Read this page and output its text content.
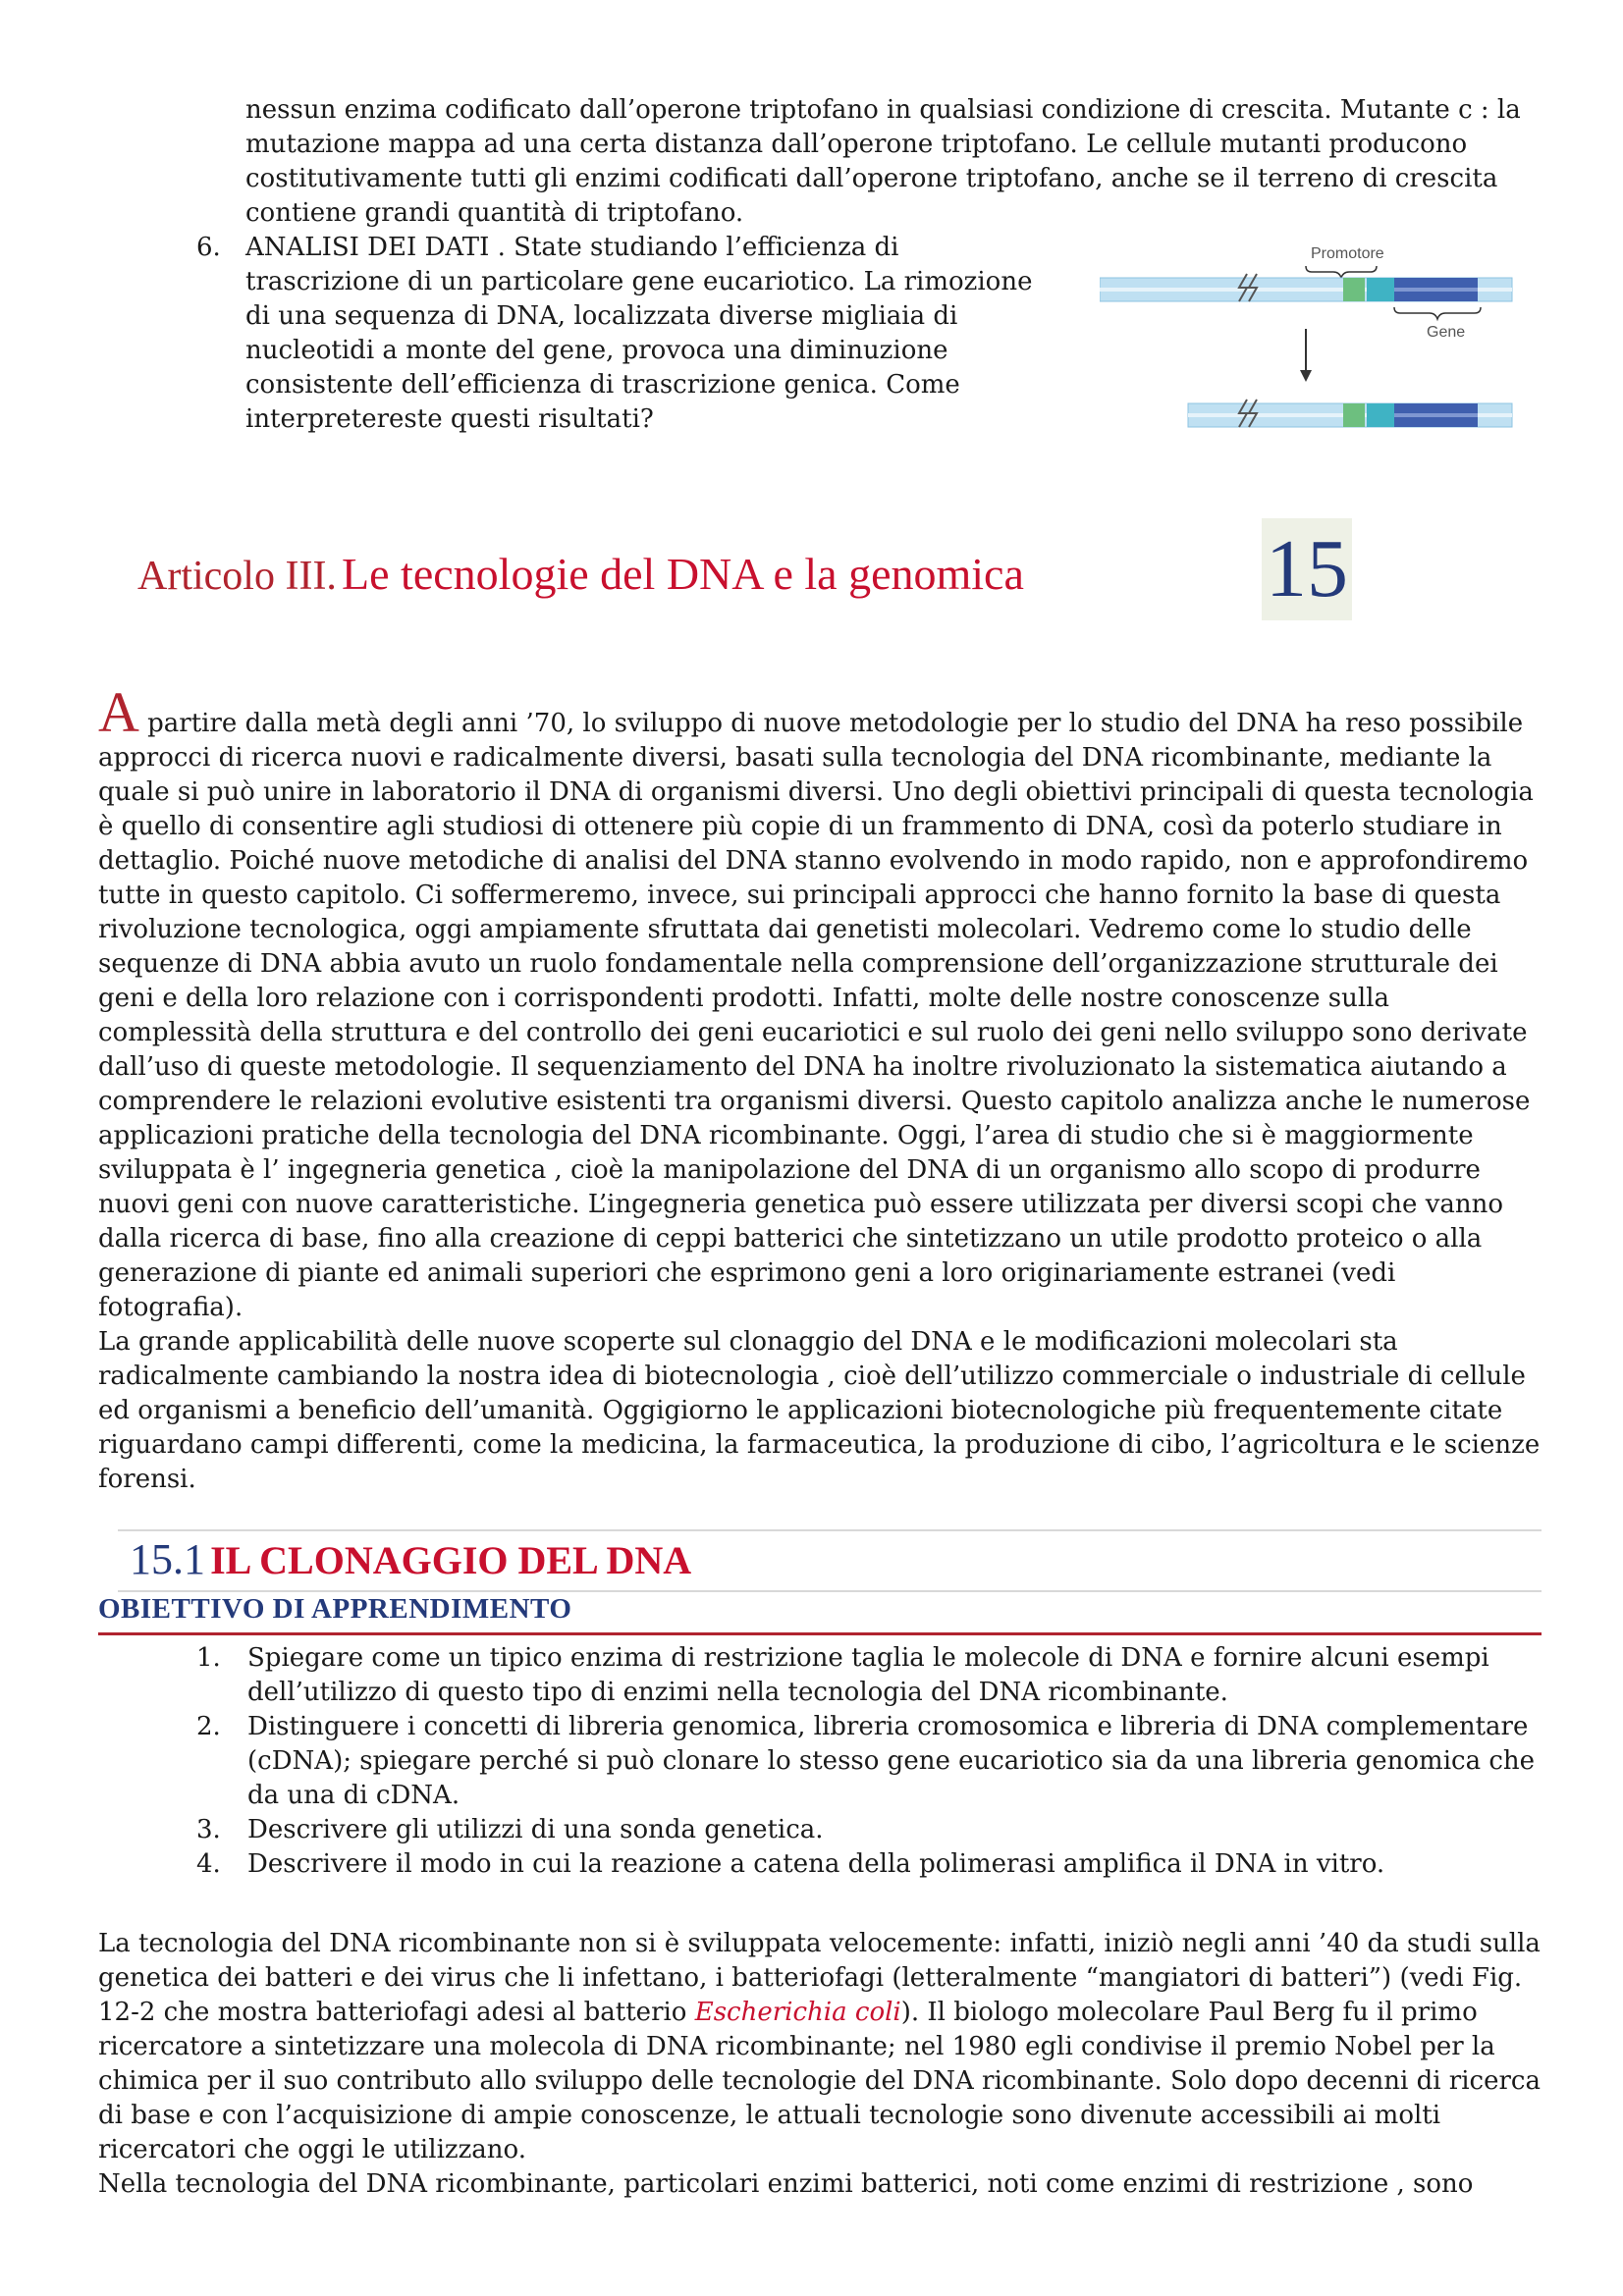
nessun enzima codificato dall’operone triptofano in qualsiasi condizione di crescita. Mutante c : la mutazione mappa ad una certa distanza dall’operone triptofano. Le cellule mutanti producono costitutivamente tutti gli enzimi codificati dall’operone triptofano, anche se il terreno di crescita contiene grandi quantità di triptofano.
6. ANALISI DEI DATI . State studiando l’efficienza di trascrizione di un particolare gene eucariotico. La rimozione di una sequenza di DNA, localizzata diverse migliaia di nucleotidi a monte del gene, provoca una diminuzione consistente dell’efficienza di trascrizione genica. Come interpretereste questi risultati?
Promotore
Gene
Articolo III. Le tecnologie del DNA e la genomica	15
A partire dalla metà degli anni ’70, lo sviluppo di nuove metodologie per lo studio del DNA ha reso possibile approcci di ricerca nuovi e radicalmente diversi, basati sulla tecnologia del DNA ricombinante, mediante la quale si può unire in laboratorio il DNA di organismi diversi. Uno degli obiettivi principali di questa tecnologia è quello di consentire agli studiosi di ottenere più copie di un frammento di DNA, così da poterlo studiare in dettaglio. Poiché nuove metodiche di analisi del DNA stanno evolvendo in modo rapido, non e approfondiremo tutte in questo capitolo. Ci soffermeremo, invece, sui principali approcci che hanno fornito la base di questa rivoluzione tecnologica, oggi ampiamente sfruttata dai genetisti molecolari. Vedremo come lo studio delle sequenze di DNA abbia avuto un ruolo fondamentale nella comprensione dell’organizzazione strutturale dei geni e della loro relazione con i corrispondenti prodotti. Infatti, molte delle nostre conoscenze sulla complessità della struttura e del controllo dei geni eucariotici e sul ruolo dei geni nello sviluppo sono derivate dall’uso di queste metodologie. Il sequenziamento del DNA ha inoltre rivoluzionato la sistematica aiutando a comprendere le relazioni evolutive esistenti tra organismi diversi. Questo capitolo analizza anche le numerose applicazioni pratiche della tecnologia del DNA ricombinante. Oggi, l’area di studio che si è maggiormente sviluppata è l’ ingegneria genetica , cioè la manipolazione del DNA di un organismo allo scopo di produrre nuovi geni con nuove caratteristiche. L’ingegneria genetica può essere utilizzata per diversi scopi che vanno dalla ricerca di base, fino alla creazione di ceppi batterici che sintetizzano un utile prodotto proteico o alla generazione di piante ed animali superiori che esprimono geni a loro originariamente estranei (vedi fotografia).
La grande applicabilità delle nuove scoperte sul clonaggio del DNA e le modificazioni molecolari sta radicalmente cambiando la nostra idea di biotecnologia , cioè dell’utilizzo commerciale o industriale di cellule ed organismi a beneficio dell’umanità. Oggigiorno le applicazioni biotecnologiche più frequentemente citate riguardano campi differenti, come la medicina, la farmaceutica, la produzione di cibo, l’agricoltura e le scienze forensi.
15.1 IL CLONAGGIO DEL DNA
OBIETTIVO DI APPRENDIMENTO
1. Spiegare come un tipico enzima di restrizione taglia le molecole di DNA e fornire alcuni esempi dell’utilizzo di questo tipo di enzimi nella tecnologia del DNA ricombinante.
2. Distinguere i concetti di libreria genomica, libreria cromosomica e libreria di DNA complementare (cDNA); spiegare perché si può clonare lo stesso gene eucariotico sia da una libreria genomica che da una di cDNA.
3. Descrivere gli utilizzi di una sonda genetica.
4. Descrivere il modo in cui la reazione a catena della polimerasi amplifica il DNA in vitro.
La tecnologia del DNA ricombinante non si è sviluppata velocemente: infatti, iniziò negli anni ’40 da studi sulla genetica dei batteri e dei virus che li infettano, i batteriofagi (letteralmente “mangiatori di batteri”) (vedi Fig. 12-2 che mostra batteriofagi adesi al batterio Escherichia coli). Il biologo molecolare Paul Berg fu il primo ricercatore a sintetizzare una molecola di DNA ricombinante; nel 1980 egli condivise il premio Nobel per la chimica per il suo contributo allo sviluppo delle tecnologie del DNA ricombinante. Solo dopo decenni di ricerca di base e con l’acquisizione di ampie conoscenze, le attuali tecnologie sono divenute accessibili ai molti ricercatori che oggi le utilizzano.
Nella tecnologia del DNA ricombinante, particolari enzimi batterici, noti come enzimi di restrizione , sono
